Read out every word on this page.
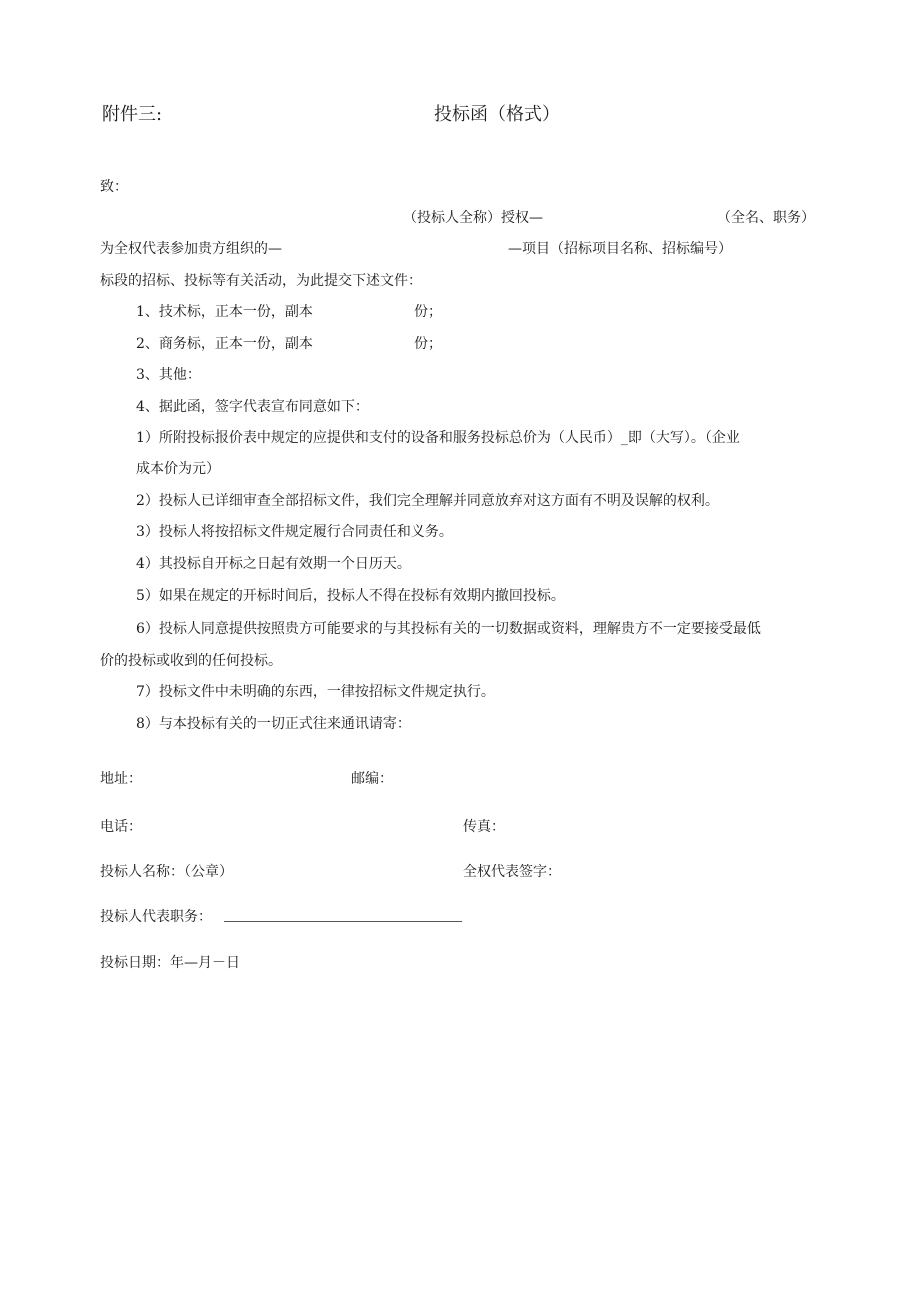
附件三:	投标函（格式）
致：
（投标人全称）授权—	（全名、职务）
为全权代表参加贵方组织的—	—项目（招标项目名称、招标编号）
标段的招标、投标等有关活动，为此提交下述文件：
1、技术标，正本一份，副本	份；
2、商务标，正本一份，副本	份；
3、其他：
4、据此函，签字代表宣布同意如下：
1）所附投标报价表中规定的应提供和支付的设备和服务投标总价为（人民币）_即（大写）。（企业
成本价为元）
2）投标人已详细审查全部招标文件，我们完全理解并同意放弃对这方面有不明及误解的权利。
3）投标人将按招标文件规定履行合同责任和义务。
4）其投标自开标之日起有效期一个日历天。
5）如果在规定的开标时间后，投标人不得在投标有效期内撤回投标。
6）投标人同意提供按照贵方可能要求的与其投标有关的一切数据或资料，理解贵方不一定要接受最低
价的投标或收到的任何投标。
7）投标文件中未明确的东西，一律按招标文件规定执行。
8）与本投标有关的一切正式往来通讯请寄：
地址：	邮编：
电话：	传真：
投标人名称：（公章）	全权代表签字：
投标人代表职务：
投标日期：年—月－日
